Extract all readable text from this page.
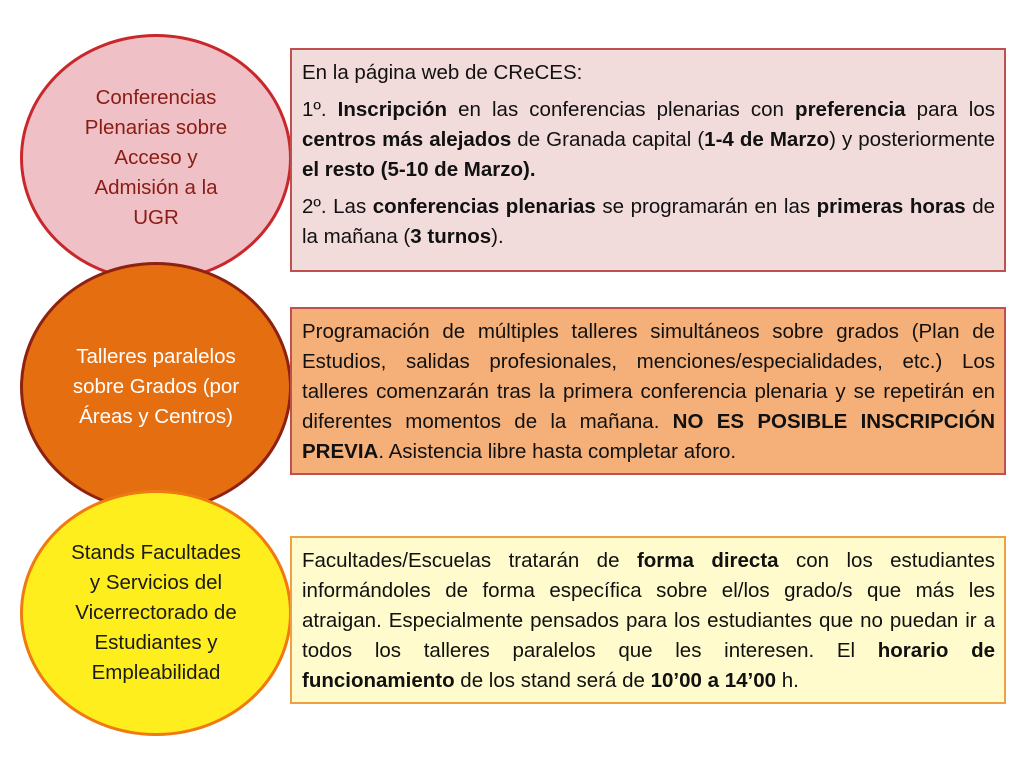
Conferencias Plenarias sobre Acceso y Admisión a la UGR
Talleres paralelos sobre Grados (por Áreas y Centros)
Stands Facultades y Servicios del Vicerrectorado de Estudiantes y Empleabilidad

En la página web de CReCES:

1º. Inscripción en las conferencias plenarias con preferencia para los centros más alejados de Granada capital (1-4 de Marzo) y posteriormente el resto (5-10 de Marzo).

2º. Las conferencias plenarias se programarán en las primeras horas de la mañana (3 turnos).

Programación de múltiples talleres simultáneos sobre grados (Plan de Estudios, salidas profesionales, menciones/especialidades, etc.) Los talleres comenzarán tras la primera conferencia plenaria y se repetirán en diferentes momentos de la mañana. NO ES POSIBLE INSCRIPCIÓN PREVIA. Asistencia libre hasta completar aforo.

Facultades/Escuelas tratarán de forma directa con los estudiantes informándoles de forma específica sobre el/los grado/s que más les atraigan. Especialmente pensados para los estudiantes que no puedan ir a todos los talleres paralelos que les interesen. El horario de funcionamiento de los stand será de 10’00 a 14’00 h.
